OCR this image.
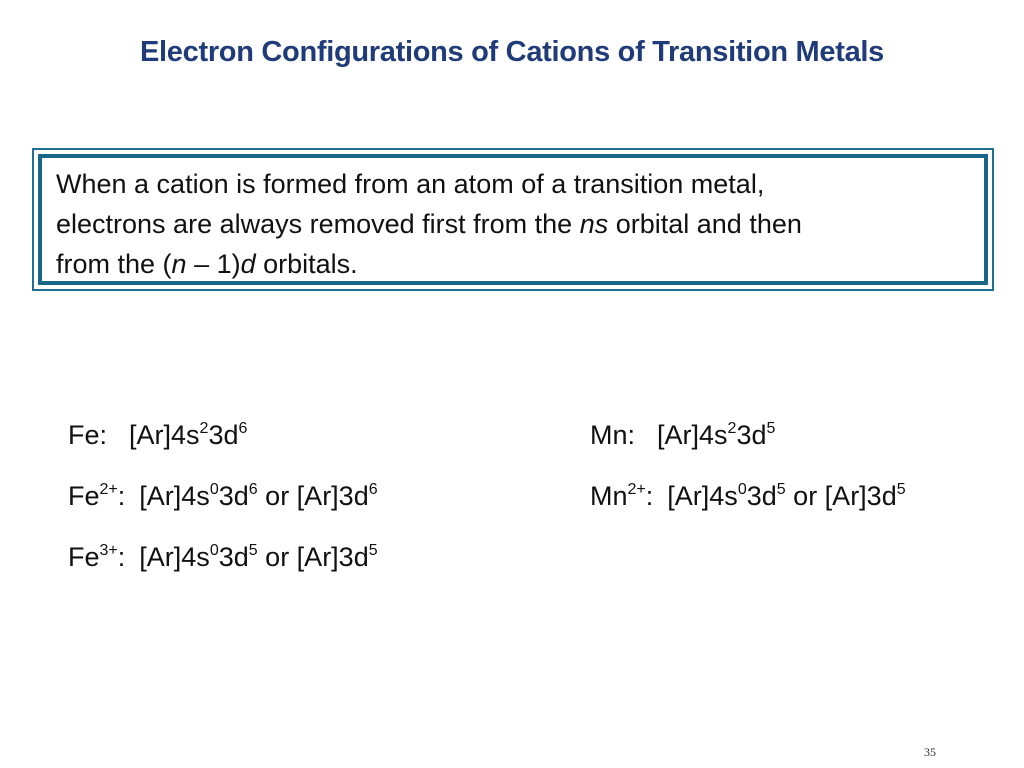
Electron Configurations of Cations of Transition Metals
When a cation is formed from an atom of a transition metal,
electrons are always removed first from the ns orbital and then
from the (n – 1)d orbitals.
Fe: $[Ar]4s^23d^6$
$Fe^{2+}$: $[Ar]4s^03d^6$ or $[Ar]3d^6$
$Fe^{3+}$: $[Ar]4s^03d^5$ or $[Ar]3d^5$
Mn: $[Ar]4s^23d^5$
$Mn^{2+}$: $[Ar]4s^03d^5$ or $[Ar]3d^5$
35
